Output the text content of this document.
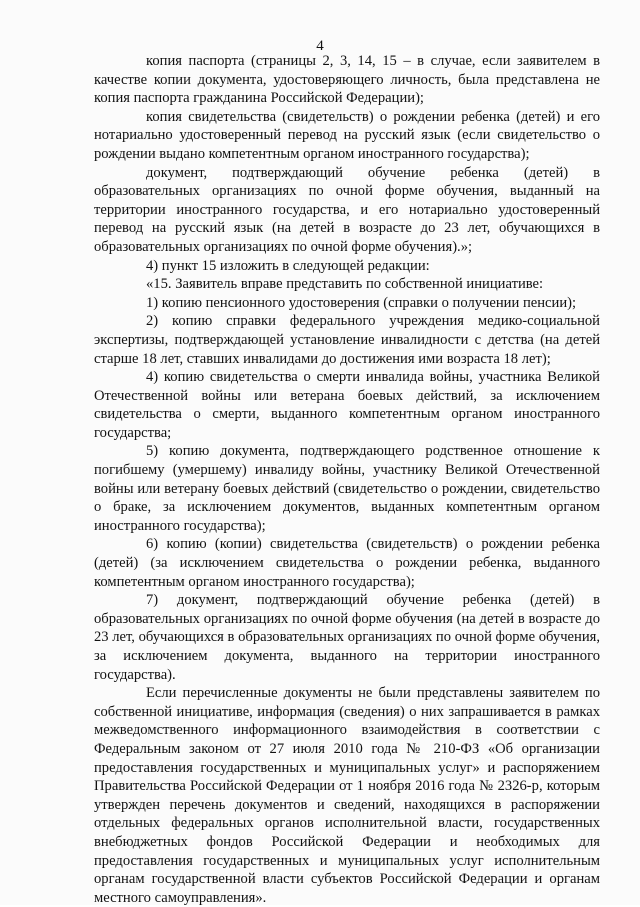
4

копия паспорта (страницы 2, 3, 14, 15 – в случае, если заявителем в качестве копии документа, удостоверяющего личность, была представлена не копия паспорта гражданина Российской Федерации);

копия свидетельства (свидетельств) о рождении ребенка (детей) и его нотариально удостоверенный перевод на русский язык (если свидетельство о рождении выдано компетентным органом иностранного государства);

документ, подтверждающий обучение ребенка (детей) в образовательных организациях по очной форме обучения, выданный на территории иностранного государства, и его нотариально удостоверенный перевод на русский язык (на детей в возрасте до 23 лет, обучающихся в образовательных организациях по очной форме обучения).»;

4) пункт 15 изложить в следующей редакции:

«15. Заявитель вправе представить по собственной инициативе:

1) копию пенсионного удостоверения (справки о получении пенсии);

2) копию справки федерального учреждения медико-социальной экспертизы, подтверждающей установление инвалидности с детства (на детей старше 18 лет, ставших инвалидами до достижения ими возраста 18 лет);

4) копию свидетельства о смерти инвалида войны, участника Великой Отечественной войны или ветерана боевых действий, за исключением свидетельства о смерти, выданного компетентным органом иностранного государства;

5) копию документа, подтверждающего родственное отношение к погибшему (умершему) инвалиду войны, участнику Великой Отечественной войны или ветерану боевых действий (свидетельство о рождении, свидетельство о браке, за исключением документов, выданных компетентным органом иностранного государства);

6) копию (копии) свидетельства (свидетельств) о рождении ребенка (детей) (за исключением свидетельства о рождении ребенка, выданного компетентным органом иностранного государства);

7) документ, подтверждающий обучение ребенка (детей) в образовательных организациях по очной форме обучения (на детей в возрасте до 23 лет, обучающихся в образовательных организациях по очной форме обучения, за исключением документа, выданного на территории иностранного государства).

Если перечисленные документы не были представлены заявителем по собственной инициативе, информация (сведения) о них запрашивается в рамках межведомственного информационного взаимодействия в соответствии с Федеральным законом от 27 июля 2010 года № 210-ФЗ «Об организации предоставления государственных и муниципальных услуг» и распоряжением Правительства Российской Федерации от 1 ноября 2016 года № 2326-р, которым утвержден перечень документов и сведений, находящихся в распоряжении отдельных федеральных органов исполнительной власти, государственных внебюджетных фондов Российской Федерации и необходимых для предоставления государственных и муниципальных услуг исполнительным органам государственной власти субъектов Российской Федерации и органам местного самоуправления».
